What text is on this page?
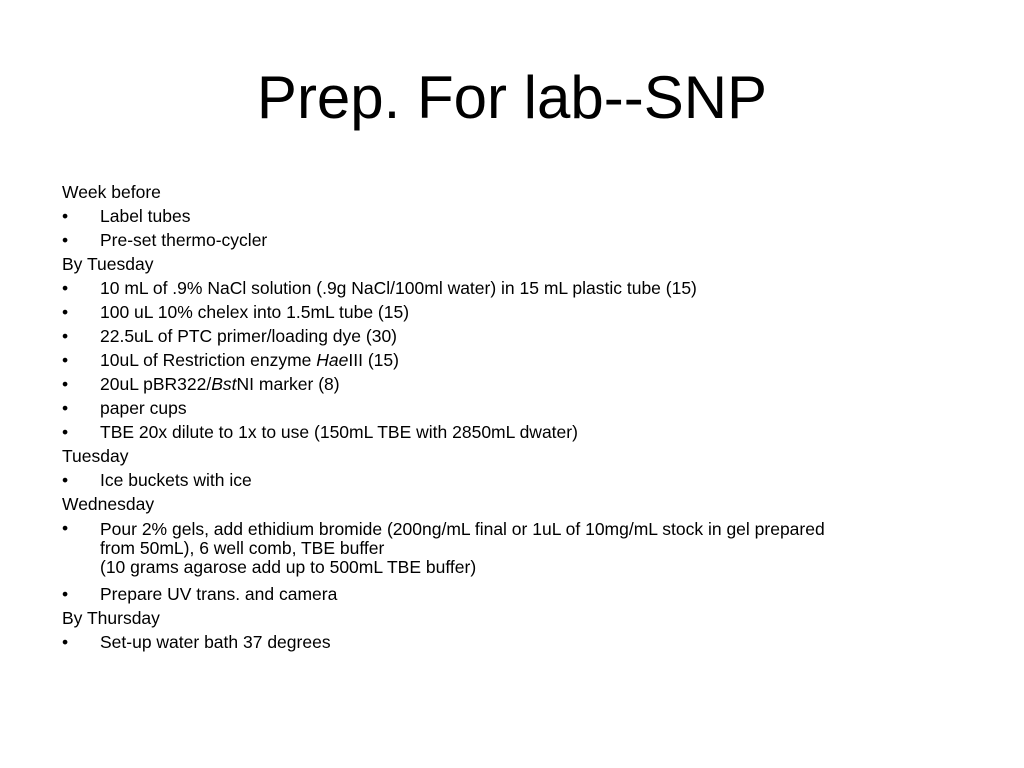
Prep. For lab--SNP
Week before
• Label tubes
• Pre-set thermo-cycler
By Tuesday
• 10 mL of .9% NaCl solution (.9g NaCl/100ml water) in 15 mL plastic tube (15)
• 100 uL 10% chelex into 1.5mL tube (15)
• 22.5uL of PTC primer/loading dye (30)
• 10uL of Restriction enzyme HaeIII (15)
• 20uL pBR322/BstNI marker (8)
• paper cups
• TBE 20x dilute to 1x to use (150mL TBE with 2850mL dwater)
Tuesday
• Ice buckets with ice
Wednesday
• Pour 2% gels, add ethidium bromide (200ng/mL final or 1uL of 10mg/mL stock in gel prepared
from 50mL), 6 well comb, TBE buffer
(10 grams agarose add up to 500mL TBE buffer)
• Prepare UV trans. and camera
By Thursday
• Set-up water bath 37 degrees
